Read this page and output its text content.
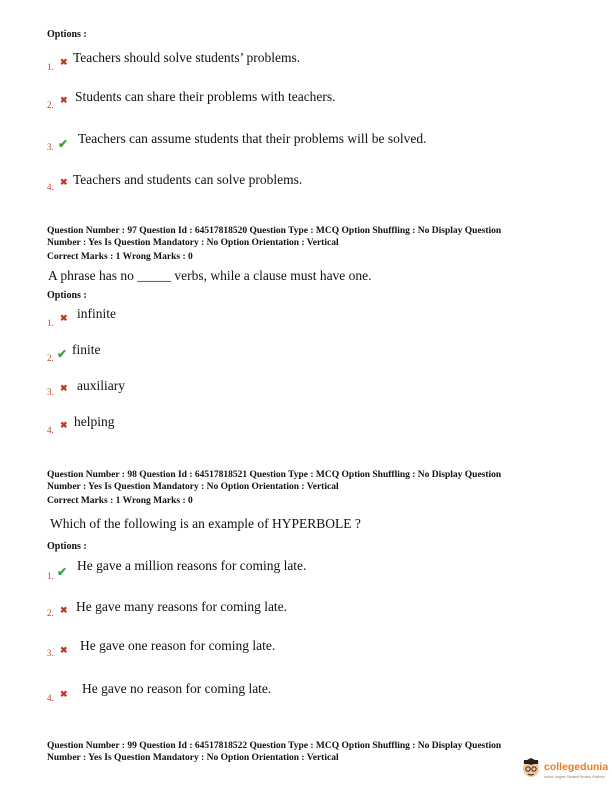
Options :
1. ✖ Teachers should solve students’ problems.
2. ✖ Students can share their problems with teachers.
3. ✔ Teachers can assume students that their problems will be solved.
4. ✖ Teachers and students can solve problems.
Question Number : 97 Question Id : 64517818520 Question Type : MCQ Option Shuffling : No Display Question
Number : Yes Is Question Mandatory : No Option Orientation : Vertical
Correct Marks : 1 Wrong Marks : 0
A phrase has no _____ verbs, while a clause must have one.
Options :
1. ✖ infinite
2. ✔ finite
3. ✖ auxiliary
4. ✖ helping
Question Number : 98 Question Id : 64517818521 Question Type : MCQ Option Shuffling : No Display Question
Number : Yes Is Question Mandatory : No Option Orientation : Vertical
Correct Marks : 1 Wrong Marks : 0
Which of the following is an example of HYPERBOLE ?
Options :
1. ✔ He gave a million reasons for coming late.
2. ✖ He gave many reasons for coming late.
3. ✖ He gave one reason for coming late.
4. ✖ He gave no reason for coming late.
Question Number : 99 Question Id : 64517818522 Question Type : MCQ Option Shuffling : No Display Question
Number : Yes Is Question Mandatory : No Option Orientation : Vertical
collegedunia
India's largest Student Review Platform
